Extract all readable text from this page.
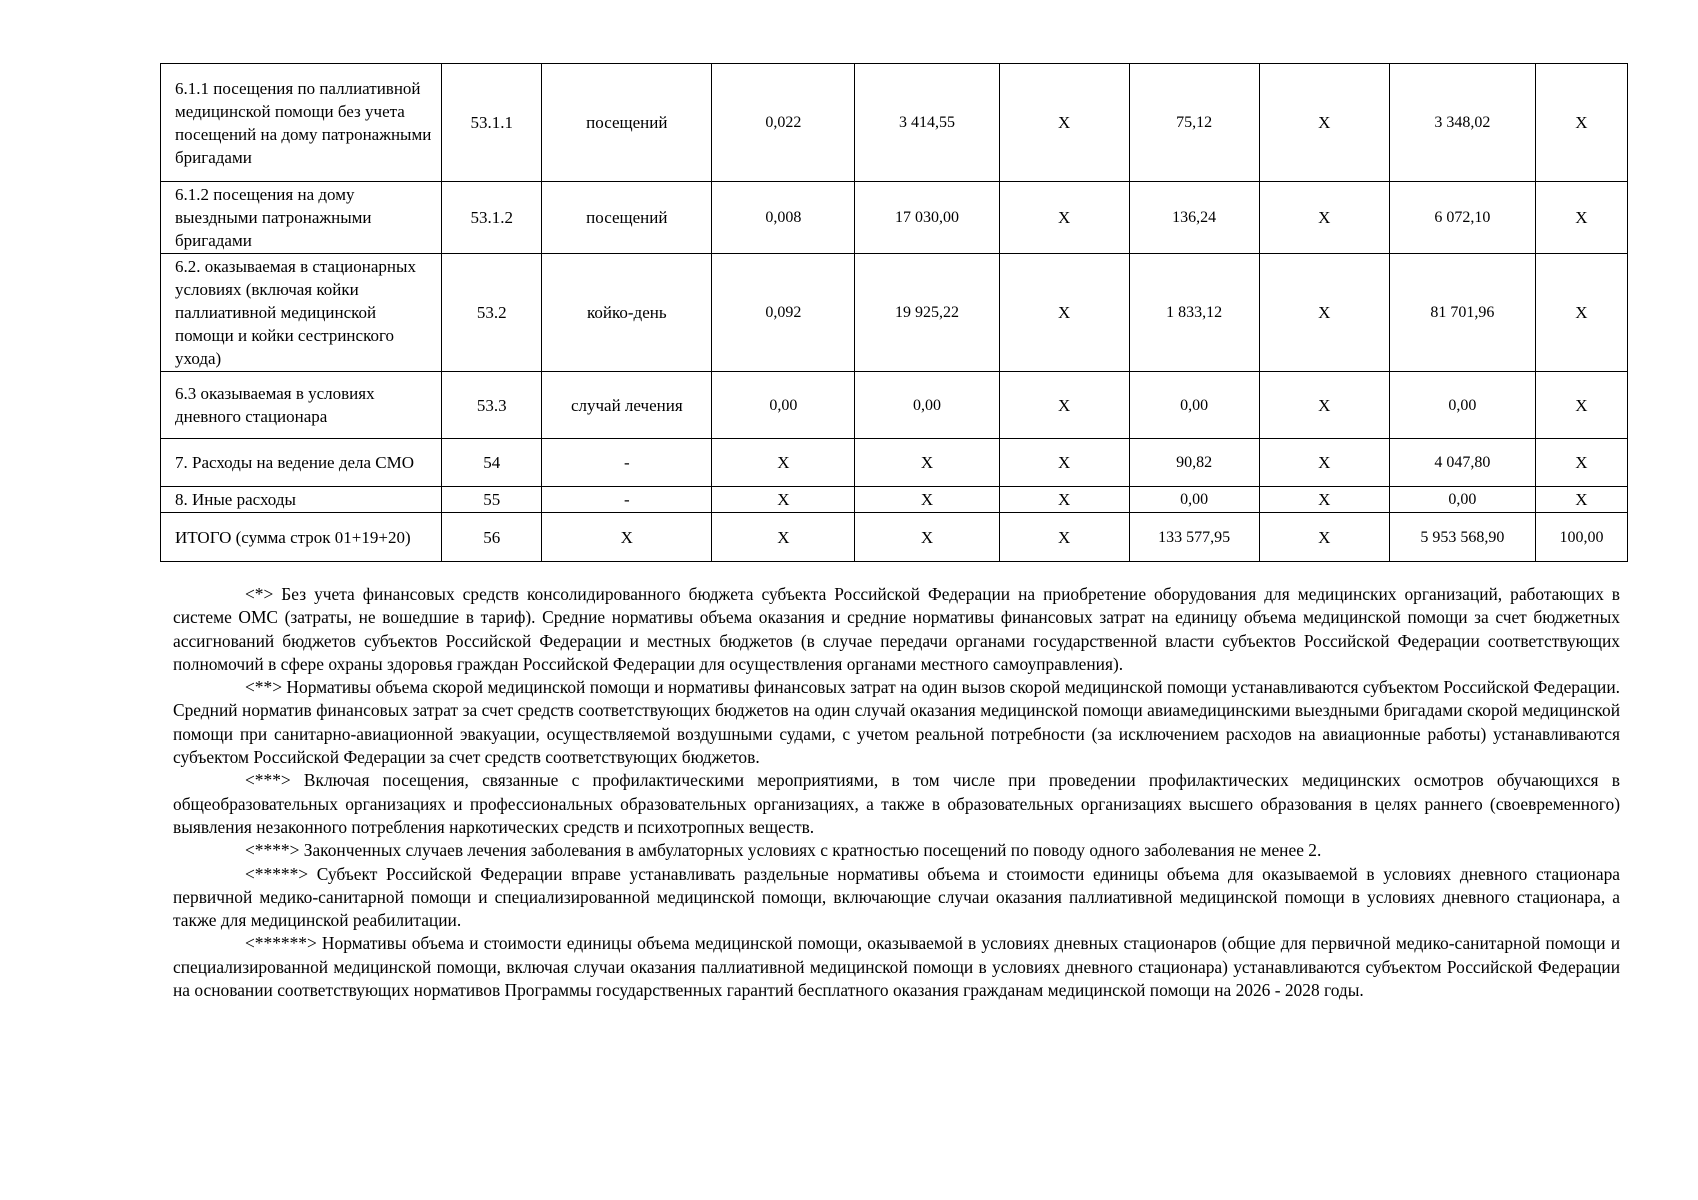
6.1.1 посещения по паллиативной медицинской помощи без учета посещений на дому патронажными бригадами	53.1.1	посещений	0,022	3 414,55	Х	75,12	Х	3 348,02	Х
6.1.2 посещения на дому выездными патронажными бригадами	53.1.2	посещений	0,008	17 030,00	Х	136,24	Х	6 072,10	Х
6.2. оказываемая в стационарных условиях (включая койки паллиативной медицинской помощи и койки сестринского ухода)	53.2	койко-день	0,092	19 925,22	Х	1 833,12	Х	81 701,96	Х
6.3 оказываемая в условиях дневного стационара	53.3	случай лечения	0,00	0,00	Х	0,00	Х	0,00	Х
7. Расходы на ведение дела СМО	54	-	Х	Х	Х	90,82	Х	4 047,80	Х
8. Иные расходы	55	-	Х	Х	Х	0,00	Х	0,00	Х
ИТОГО (сумма строк 01+19+20)	56	Х	Х	Х	Х	133 577,95	Х	5 953 568,90	100,00

<*> Без учета финансовых средств консолидированного бюджета субъекта Российской Федерации на приобретение оборудования для медицинских организаций, работающих в системе ОМС (затраты, не вошедшие в тариф). Средние нормативы объема оказания и средние нормативы финансовых затрат на единицу объема медицинской помощи за счет бюджетных ассигнований бюджетов субъектов Российской Федерации и местных бюджетов (в случае передачи органами государственной власти субъектов Российской Федерации соответствующих полномочий в сфере охраны здоровья граждан Российской Федерации для осуществления органами местного самоуправления).

<**> Нормативы объема скорой медицинской помощи и нормативы финансовых затрат на один вызов скорой медицинской помощи устанавливаются субъектом Российской Федерации. Средний норматив финансовых затрат за счет средств соответствующих бюджетов на один случай оказания медицинской помощи авиамедицинскими выездными бригадами скорой медицинской помощи при санитарно-авиационной эвакуации, осуществляемой воздушными судами, с учетом реальной потребности (за исключением расходов на авиационные работы) устанавливаются субъектом Российской Федерации за счет средств соответствующих бюджетов.

<***> Включая посещения, связанные с профилактическими мероприятиями, в том числе при проведении профилактических медицинских осмотров обучающихся в общеобразовательных организациях и профессиональных образовательных организациях, а также в образовательных организациях высшего образования в целях раннего (своевременного) выявления незаконного потребления наркотических средств и психотропных веществ.

<****> Законченных случаев лечения заболевания в амбулаторных условиях с кратностью посещений по поводу одного заболевания не менее 2.

<*****> Субъект Российской Федерации вправе устанавливать раздельные нормативы объема и стоимости единицы объема для оказываемой в условиях дневного стационара первичной медико-санитарной помощи и специализированной медицинской помощи, включающие случаи оказания паллиативной медицинской помощи в условиях дневного стационара, а также для медицинской реабилитации.

<******> Нормативы объема и стоимости единицы объема медицинской помощи, оказываемой в условиях дневных стационаров (общие для первичной медико-санитарной помощи и специализированной медицинской помощи, включая случаи оказания паллиативной медицинской помощи в условиях дневного стационара) устанавливаются субъектом Российской Федерации на основании соответствующих нормативов Программы государственных гарантий бесплатного оказания гражданам медицинской помощи на 2026 - 2028 годы.
